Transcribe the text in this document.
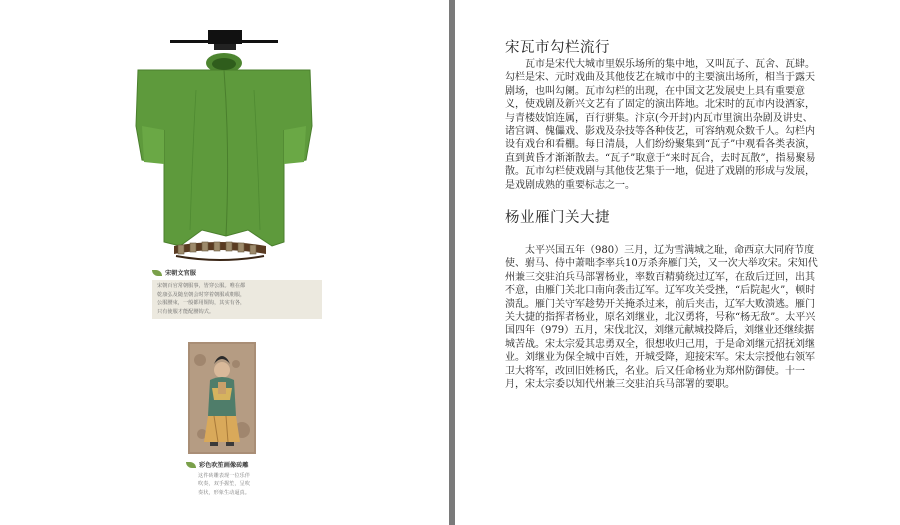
宋朝文官服
宋朝百官常朝服事，皆穿公服。唯在都
乾康弘及随皇朝会时穿着朝服或朝服，
公服腰束，一般都用铜钩，其实有各，
只有使服才能配腰钩式。
彩色吹笙画像砖雕
这件砖雕表现一位乐伴
吹奏，双手握笙，呈吹
奏状，形象生动逼真。
宋瓦市勾栏流行
　　瓦市是宋代大城市里娱乐场所的集中地，又叫瓦子、瓦舍、瓦肆。
勾栏是宋、元时戏曲及其他伎艺在城市中的主要演出场所，相当于露天
剧场，也叫勾阑。瓦市勾栏的出现，在中国文艺发展史上具有重要意
义，使戏剧及新兴文艺有了固定的演出阵地。北宋时的瓦市内设酒家，
与青楼妓馆连属，百行骈集。汴京(今开封)内瓦市里演出杂剧及讲史、
诸宫调、傀儡戏、影戏及杂技等各种伎艺，可容纳观众数千人。勾栏内
设有戏台和看棚。每日清晨，人们纷纷聚集到“瓦子”中观看各类表演，
直到黄昏才渐渐散去。“瓦子”取意于“来时瓦合，去时瓦散”，指易聚易
散。瓦市勾栏使戏剧与其他伎艺集于一地，促进了戏剧的形成与发展，
是戏剧成熟的重要标志之一。
杨业雁门关大捷
　　太平兴国五年（980）三月，辽为雪满城之耻，命西京大同府节度
使、驸马、侍中萧咄李率兵10万杀奔雁门关，又一次大举攻宋。宋知代
州兼三交驻泊兵马部署杨业，率数百精骑绕过辽军，在敌后迂回，出其
不意，由雁门关北口南向袭击辽军。辽军攻关受挫，“后院起火”，顿时
溃乱。雁门关守军趁势开关掩杀过来，前后夹击，辽军大败溃逃。雁门
关大捷的指挥者杨业，原名刘继业，北汉勇将，号称“杨无敌”。太平兴
国四年（979）五月，宋伐北汉，刘继元献城投降后，刘继业还继续据
城苦战。宋太宗爱其忠勇双全，很想收归己用，于是命刘继元招抚刘继
业。刘继业为保全城中百姓，开城受降，迎接宋军。宋太宗授他右领军
卫大将军，改回旧姓杨氏，名业。后又任命杨业为郑州防御使。十一
月，宋太宗委以知代州兼三交驻泊兵马部署的要职。
